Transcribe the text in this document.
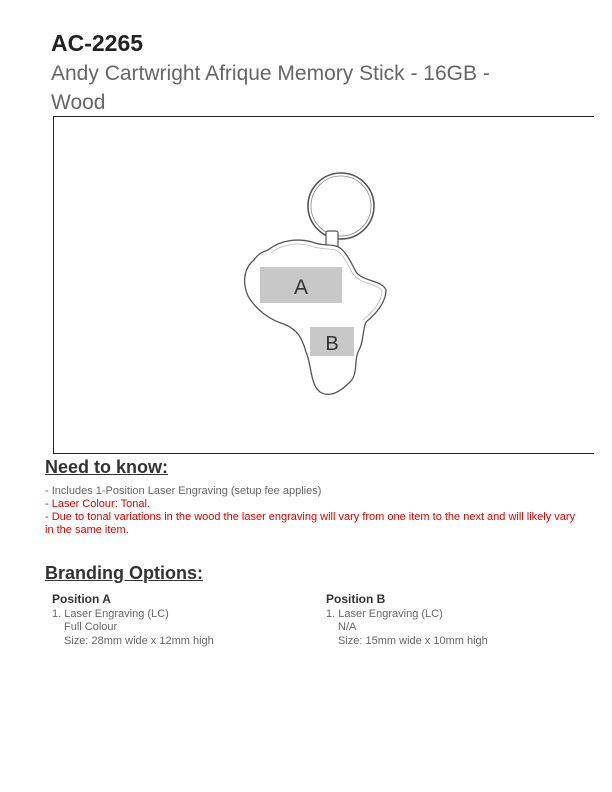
AC-2265
Andy Cartwright Afrique Memory Stick - 16GB - Wood
A
B
Need to know:

- Includes 1-Position Laser Engraving (setup fee applies)

- Laser Colour: Tonal.

- Due to tonal variations in the wood the laser engraving will vary from one item to the next and will likely vary in the same item.

Branding Options:
Position A
1. Laser Engraving (LC)
Full Colour
Size: 28mm wide x 12mm high
Position B
1. Laser Engraving (LC)
N/A
Size: 15mm wide x 10mm high
